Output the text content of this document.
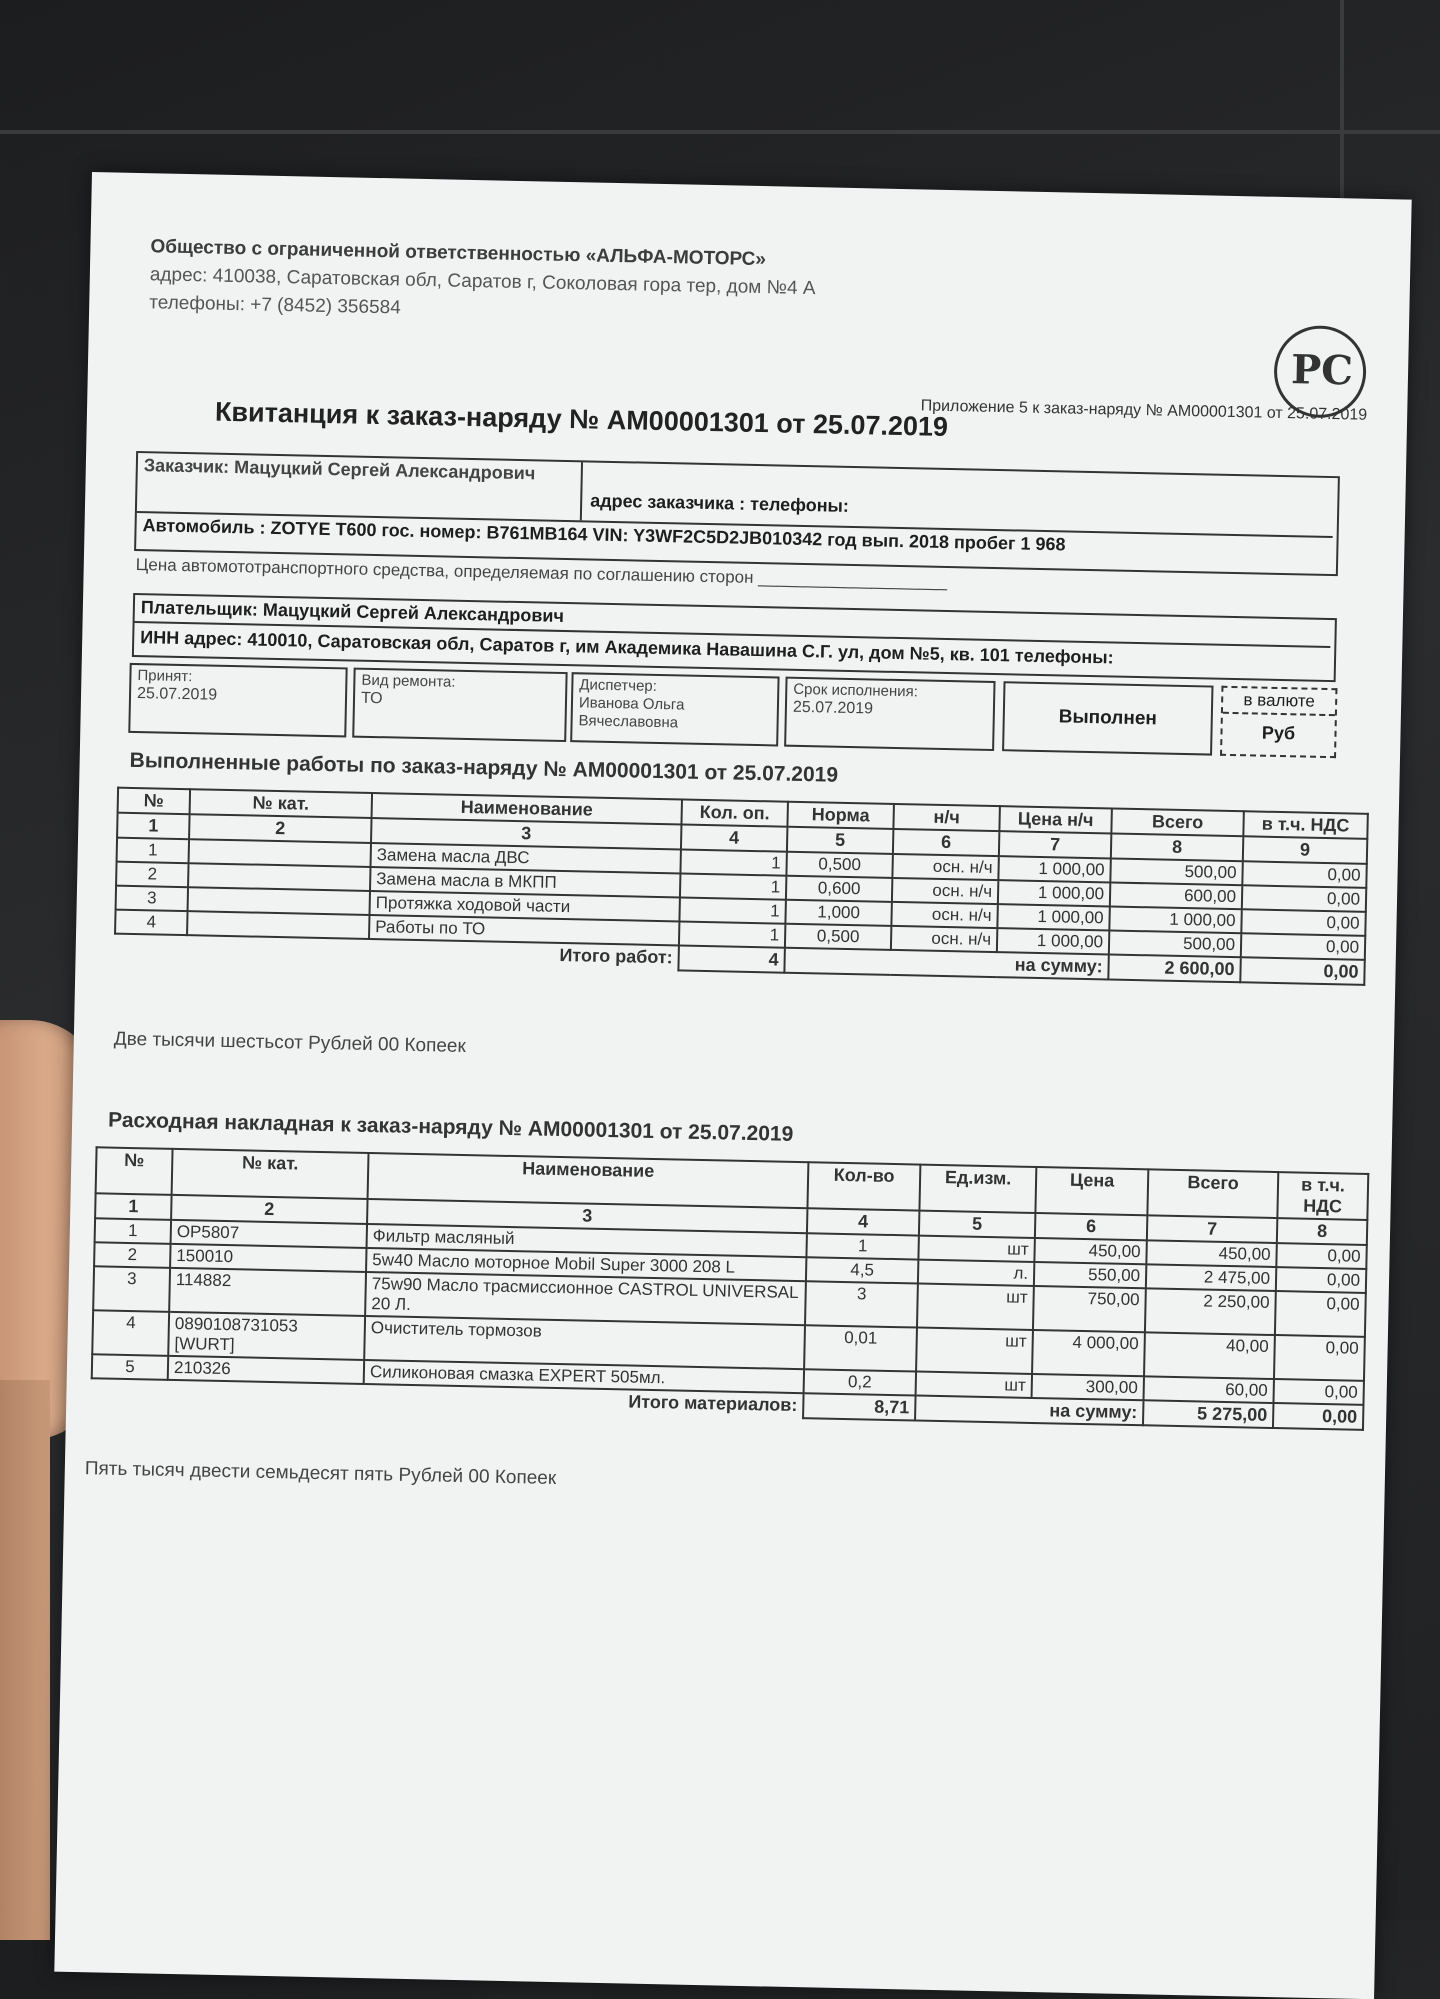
Общество с ограниченной ответственностью «АЛЬФА-МОТОРС»
адрес: 410038, Саратовская обл, Саратов г, Соколовая гора тер, дом №4 А
телефоны: +7 (8452) 356584
РС
Приложение 5 к заказ-наряду № АМ00001301 от 25.07.2019
Квитанция к заказ-наряду № АМ00001301 от 25.07.2019
Заказчик: Мацуцкий Сергей Александрович
адрес заказчика : телефоны:
Автомобиль : ZOTYE T600 гос. номер: В761МВ164 VIN: Y3WF2C5D2JB010342 год вып. 2018 пробег 1 968
Цена автомототранспортного средства, определяемая по соглашению сторон ____________________
Плательщик: Мацуцкий Сергей Александрович
ИНН адрес: 410010, Саратовская обл, Саратов г, им Академика Навашина С.Г. ул, дом №5, кв. 101 телефоны:
Принят:
25.07.2019
Вид ремонта:
ТО
Диспетчер:
Иванова Ольга Вячеславовна
Срок исполнения:
25.07.2019	Выполнен
в валюте
Руб
Выполненные работы по заказ-наряду № АМ00001301 от 25.07.2019
№	№ кат.	Наименование	Кол. оп.	Норма	н/ч	Цена н/ч	Всего	в т.ч. НДС
1	2	3	4	5	6	7	8	9
1		Замена масла ДВС	1	0,500	осн. н/ч	1 000,00	500,00	0,00
2		Замена масла в МКПП	1	0,600	осн. н/ч	1 000,00	600,00	0,00
3		Протяжка ходовой части	1	1,000	осн. н/ч	1 000,00	1 000,00	0,00
4		Работы по ТО	1	0,500	осн. н/ч	1 000,00	500,00	0,00
Итого работ:			4	на сумму:			2 600,00	0,00
Две тысячи шестьсот Рублей 00 Копеек
Расходная накладная к заказ-наряду № АМ00001301 от 25.07.2019
№	№ кат.	Наименование	Кол-во	Ед.изм.	Цена	Всего	в т.ч. НДС
1	2	3	4	5	6	7	8
1	OP5807	Фильтр масляный	1	шт	450,00	450,00	0,00
2	150010	5w40 Масло моторное Mobil Super 3000 208 L	4,5	л.	550,00	2 475,00	0,00
3	114882	75w90 Масло трасмиссионное CASTROL UNIVERSAL 20 Л.	3	шт	750,00	2 250,00	0,00
4	0890108731053 [WURT]	Очиститель тормозов	0,01	шт	4 000,00	40,00	0,00
5	210326	Силиконовая смазка EXPERT 505мл.	0,2	шт	300,00	60,00	0,00
Итого материалов:			8,71	на сумму:		5 275,00	0,00
Пять тысяч двести семьдесят пять Рублей 00 Копеек
